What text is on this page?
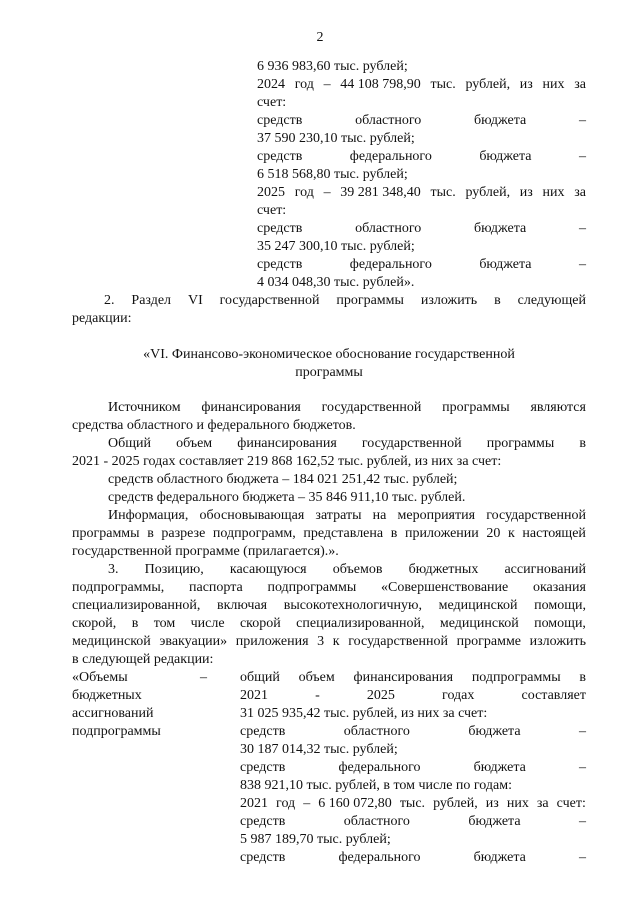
2
6 936 983,60 тыс. рублей;
2024 год – 44 108 798,90 тыс. рублей, из них за
счет:
средств	областного	бюджета	–
37 590 230,10 тыс. рублей;
средств	федерального	бюджета	–
6 518 568,80 тыс. рублей;
2025 год – 39 281 348,40 тыс. рублей, из них за
счет:
средств	областного	бюджета	–
35 247 300,10 тыс. рублей;
средств	федерального	бюджета	–
4 034 048,30 тыс. рублей».
2. Раздел VI государственной программы изложить в следующей
редакции:
«VI. Финансово-экономическое обоснование государственной
программы
Источником финансирования государственной программы являются
средства областного и федерального бюджетов.
Общий объем финансирования государственной программы в
2021 - 2025 годах составляет 219 868 162,52 тыс. рублей, из них за счет:
средств областного бюджета – 184 021 251,42 тыс. рублей;
средств федерального бюджета – 35 846 911,10 тыс. рублей.
Информация, обосновывающая затраты на мероприятия государственной
программы в разрезе подпрограмм, представлена в приложении 20 к настоящей
государственной программе (прилагается).».
3. Позицию, касающуюся объемов бюджетных ассигнований
подпрограммы, паспорта подпрограммы «Совершенствование оказания
специализированной, включая высокотехнологичную, медицинской помощи,
скорой, в том числе скорой специализированной, медицинской помощи,
медицинской эвакуации» приложения 3 к государственной программе изложить
в следующей редакции:
«Объемы	–
бюджетных
ассигнований
подпрограммы
общий объем финансирования подпрограммы в
2021	-	2025	годах	составляет
31 025 935,42 тыс. рублей, из них за счет:
средств	областного	бюджета	–
30 187 014,32 тыс. рублей;
средств	федерального	бюджета	–
838 921,10 тыс. рублей, в том числе по годам:
2021 год – 6 160 072,80 тыс. рублей, из них за счет:
средств	областного	бюджета	–
5 987 189,70 тыс. рублей;
средств	федерального	бюджета	–
